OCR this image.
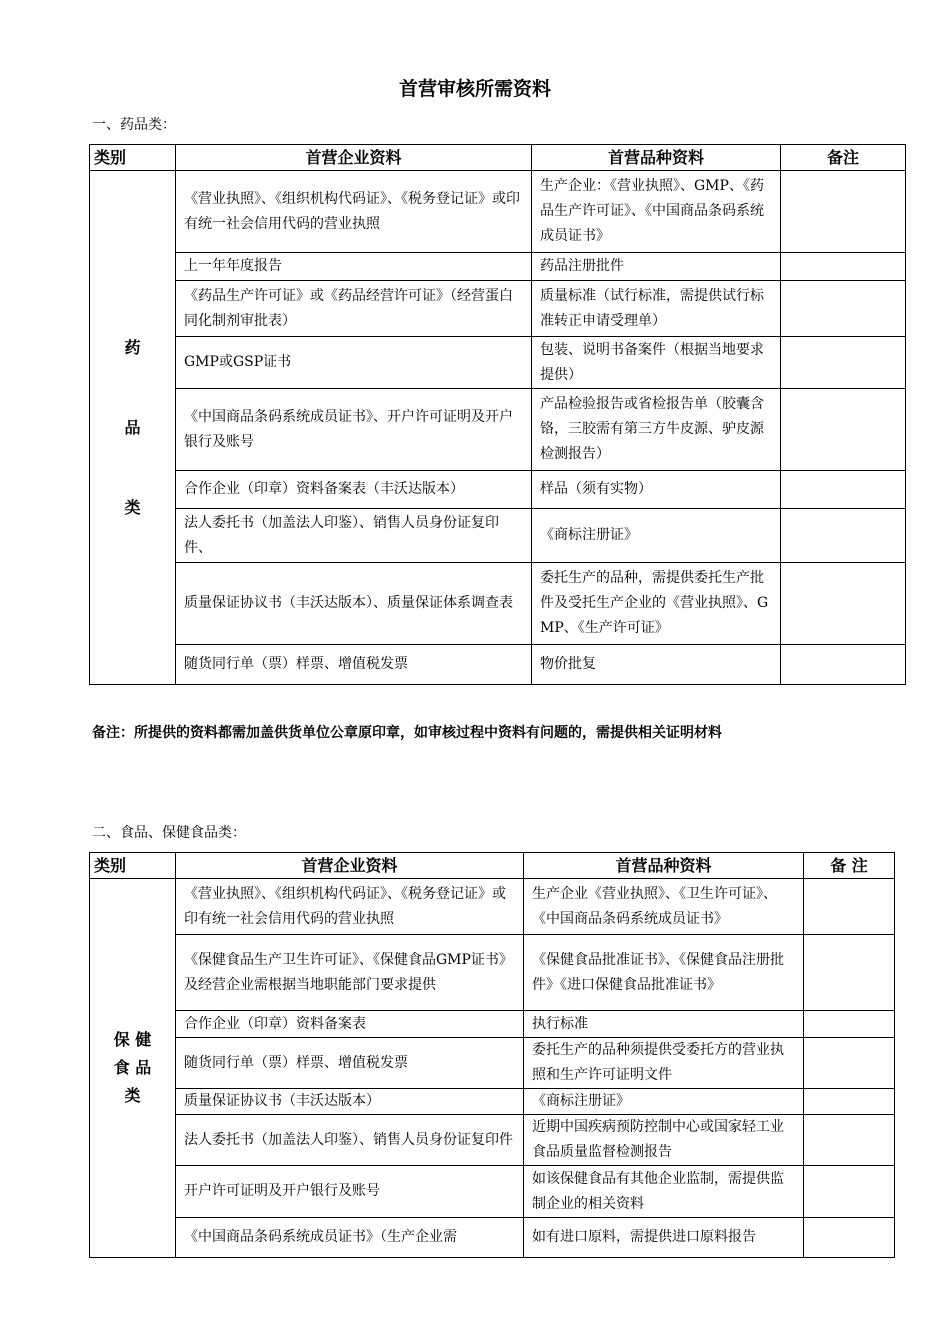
首营审核所需资料
一、药品类：
类别	首营企业资料	首营品种资料	备注
药

品

类	《营业执照》、《组织机构代码证》、《税务登记证》或印有统一社会信用代码的营业执照	生产企业：《营业执照》、GMP、《药品生产许可证》、《中国商品条码系统成员证书》	
	上一年年度报告	药品注册批件	
	《药品生产许可证》或《药品经营许可证》（经营蛋白同化制剂审批表）	质量标准（试行标准，需提供试行标准转正申请受理单）	
	GMP或GSP证书	包装、说明书备案件（根据当地要求提供）	
	《中国商品条码系统成员证书》、开户许可证明及开户银行及账号	产品检验报告或省检报告单（胶囊含铬，三胶需有第三方牛皮源、驴皮源检测报告）	
	合作企业（印章）资料备案表（丰沃达版本）	样品（须有实物）	
	法人委托书（加盖法人印鉴）、销售人员身份证复印件、	《商标注册证》	
	质量保证协议书（丰沃达版本）、质量保证体系调查表	委托生产的品种，需提供委托生产批件及受托生产企业的《营业执照》、GMP、《生产许可证》	
	随货同行单（票）样票、增值税发票	物价批复	
备注：所提供的资料都需加盖供货单位公章原印章，如审核过程中资料有问题的，需提供相关证明材料
二、食品、保健食品类：
类别	首营企业资料	首营品种资料	备 注
保 健
食 品
类	《营业执照》、《组织机构代码证》、《税务登记证》或印有统一社会信用代码的营业执照	生产企业《营业执照》、《卫生许可证》、《中国商品条码系统成员证书》	
	《保健食品生产卫生许可证》、《保健食品GMP证书》及经营企业需根据当地职能部门要求提供	《保健食品批准证书》、《保健食品注册批件》《进口保健食品批准证书》	
	合作企业（印章）资料备案表	执行标准	
	随货同行单（票）样票、增值税发票	委托生产的品种须提供受委托方的营业执照和生产许可证明文件	
	质量保证协议书（丰沃达版本）	《商标注册证》	
	法人委托书（加盖法人印鉴）、销售人员身份证复印件	近期中国疾病预防控制中心或国家轻工业食品质量监督检测报告	
	开户许可证明及开户银行及账号	如该保健食品有其他企业监制，需提供监制企业的相关资料	
	《中国商品条码系统成员证书》（生产企业需	如有进口原料，需提供进口原料报告	
